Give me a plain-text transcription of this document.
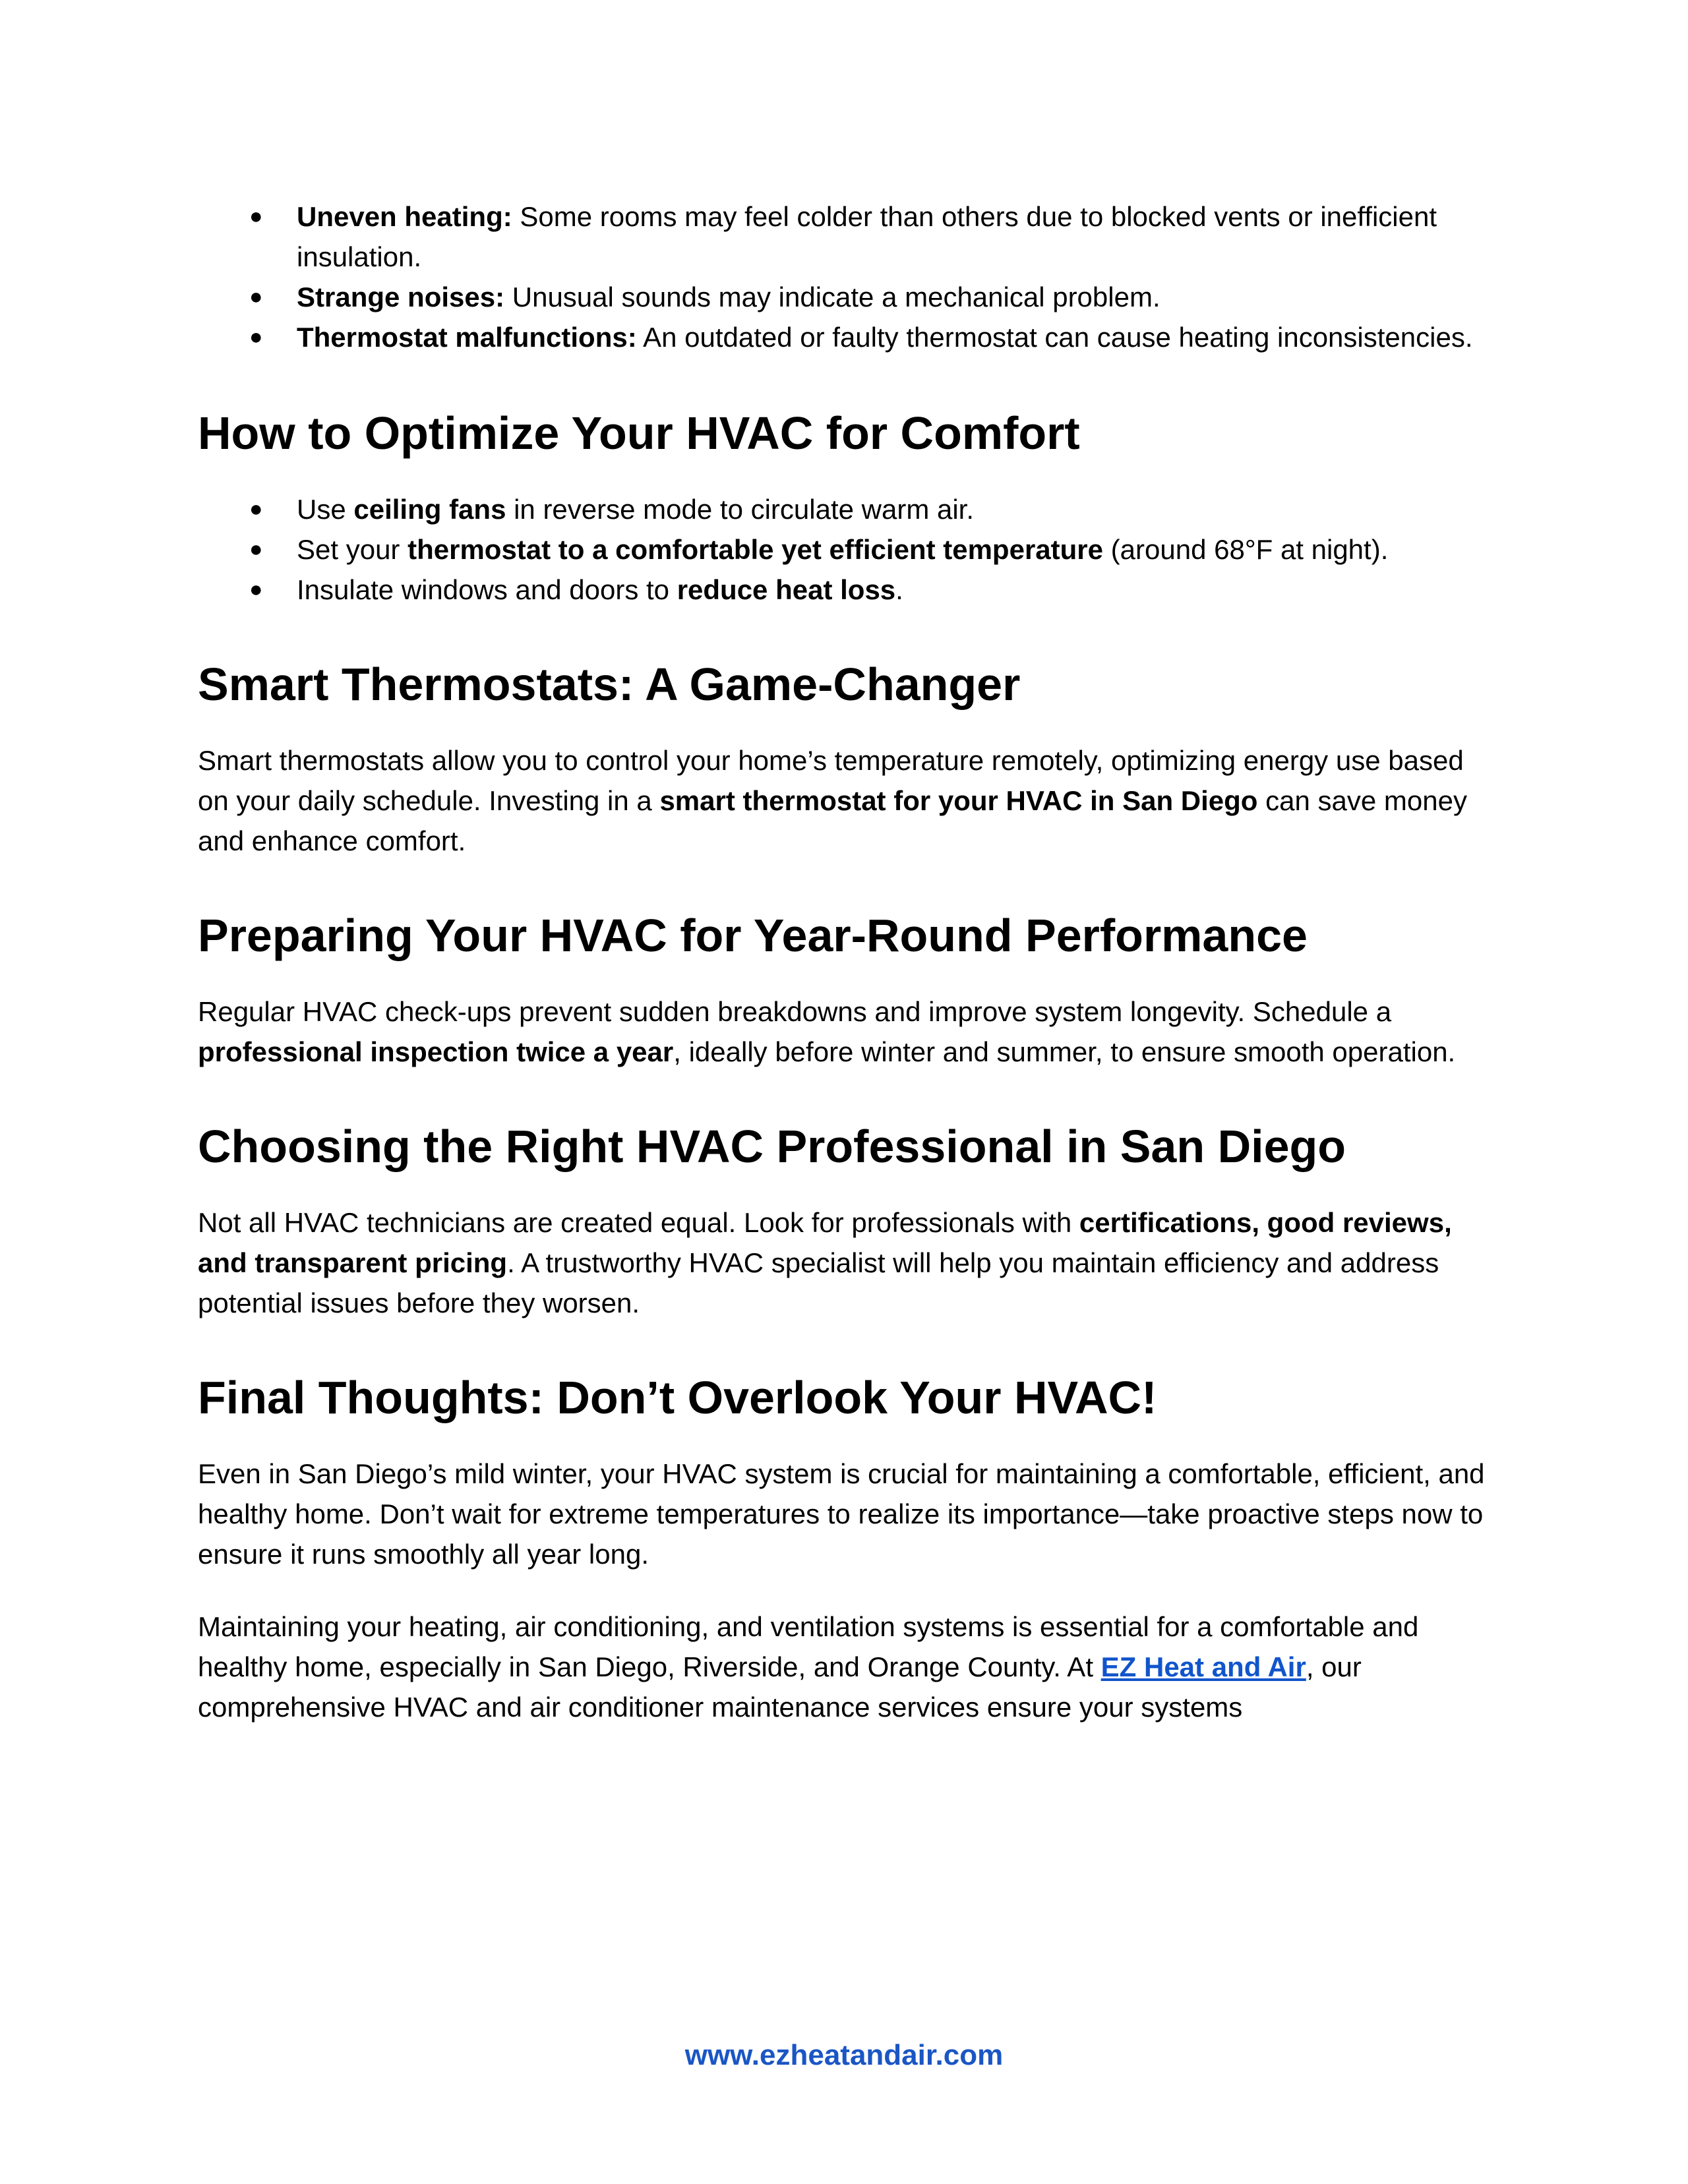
● Uneven heating: Some rooms may feel colder than others due to blocked vents or inefficient insulation.
● Strange noises: Unusual sounds may indicate a mechanical problem.
● Thermostat malfunctions: An outdated or faulty thermostat can cause heating inconsistencies.
How to Optimize Your HVAC for Comfort
● Use ceiling fans in reverse mode to circulate warm air.
● Set your thermostat to a comfortable yet efficient temperature (around 68°F at night).
● Insulate windows and doors to reduce heat loss.
Smart Thermostats: A Game-Changer

Smart thermostats allow you to control your home’s temperature remotely, optimizing energy use based on your daily schedule. Investing in a smart thermostat for your HVAC in San Diego can save money and enhance comfort.

Preparing Your HVAC for Year-Round Performance

Regular HVAC check-ups prevent sudden breakdowns and improve system longevity. Schedule a professional inspection twice a year, ideally before winter and summer, to ensure smooth operation.

Choosing the Right HVAC Professional in San Diego

Not all HVAC technicians are created equal. Look for professionals with certifications, good reviews, and transparent pricing. A trustworthy HVAC specialist will help you maintain efficiency and address potential issues before they worsen.

Final Thoughts: Don’t Overlook Your HVAC!

Even in San Diego’s mild winter, your HVAC system is crucial for maintaining a comfortable, efficient, and healthy home. Don’t wait for extreme temperatures to realize its importance—take proactive steps now to ensure it runs smoothly all year long.

Maintaining your heating, air conditioning, and ventilation systems is essential for a comfortable and healthy home, especially in San Diego, Riverside, and Orange County. At EZ Heat and Air, our comprehensive HVAC and air conditioner maintenance services ensure your systems

www.ezheatandair.com
